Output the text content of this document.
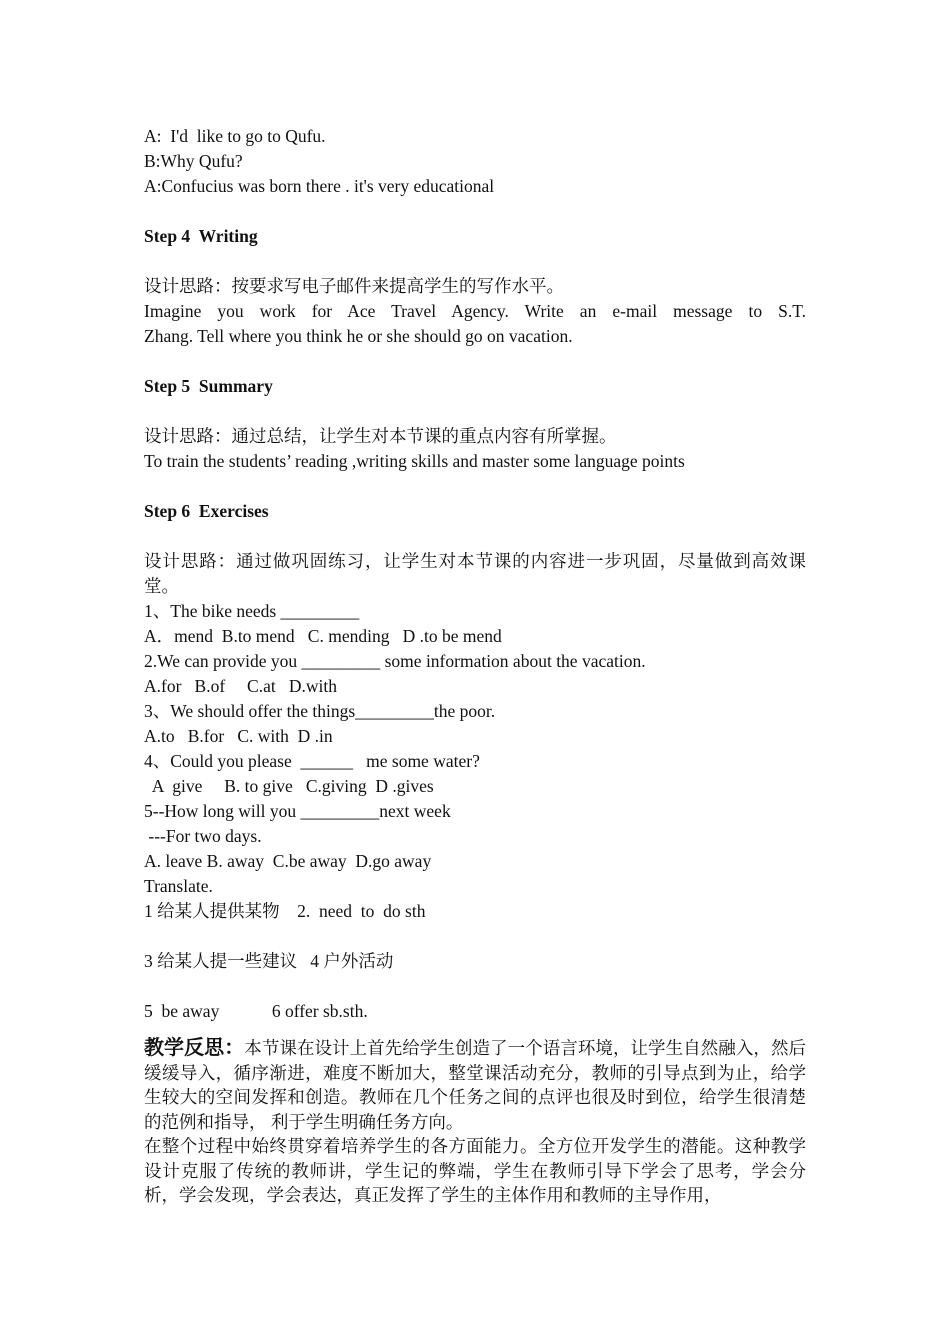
A:  I'd  like to go to Qufu.
B:Why Qufu?
A:Confucius was born there . it's very educational
Step 4  Writing
设计思路：按要求写电子邮件来提高学生的写作水平。
Imagine you work for Ace Travel Agency. Write an e-mail message to S.T.
Zhang. Tell where you think he or she should go on vacation.
Step 5  Summary
设计思路：通过总结，让学生对本节课的重点内容有所掌握。
To train the students’ reading ,writing skills and master some language points
Step 6  Exercises
设计思路：通过做巩固练习，让学生对本节课的内容进一步巩固，尽量做到高效课堂。
1、The bike needs _________
A．mend  B.to mend   C. mending   D .to be mend
2.We can provide you _________ some information about the vacation.
A.for   B.of     C.at   D.with
3、We should offer the things_________the poor.
A.to   B.for   C. with  D .in
4、Could you please  ______   me some water?
A  give     B. to give   C.giving  D .gives
5--How long will you _________next week
---For two days.
A. leave B. away  C.be away  D.go away
Translate.
1 给某人提供某物    2.  need  to  do sth
3 给某人提一些建议   4 户外活动
5  be away            6 offer sb.sth.
教学反思：本节课在设计上首先给学生创造了一个语言环境，让学生自然融入，然后缓缓导入，循序渐进，难度不断加大，整堂课活动充分，教师的引导点到为止，给学生较大的空间发挥和创造。教师在几个任务之间的点评也很及时到位，给学生很清楚的范例和指导， 利于学生明确任务方向。
在整个过程中始终贯穿着培养学生的各方面能力。全方位开发学生的潜能。这种教学设计克服了传统的教师讲，学生记的弊端，学生在教师引导下学会了思考，学会分析，学会发现，学会表达，真正发挥了学生的主体作用和教师的主导作用，
